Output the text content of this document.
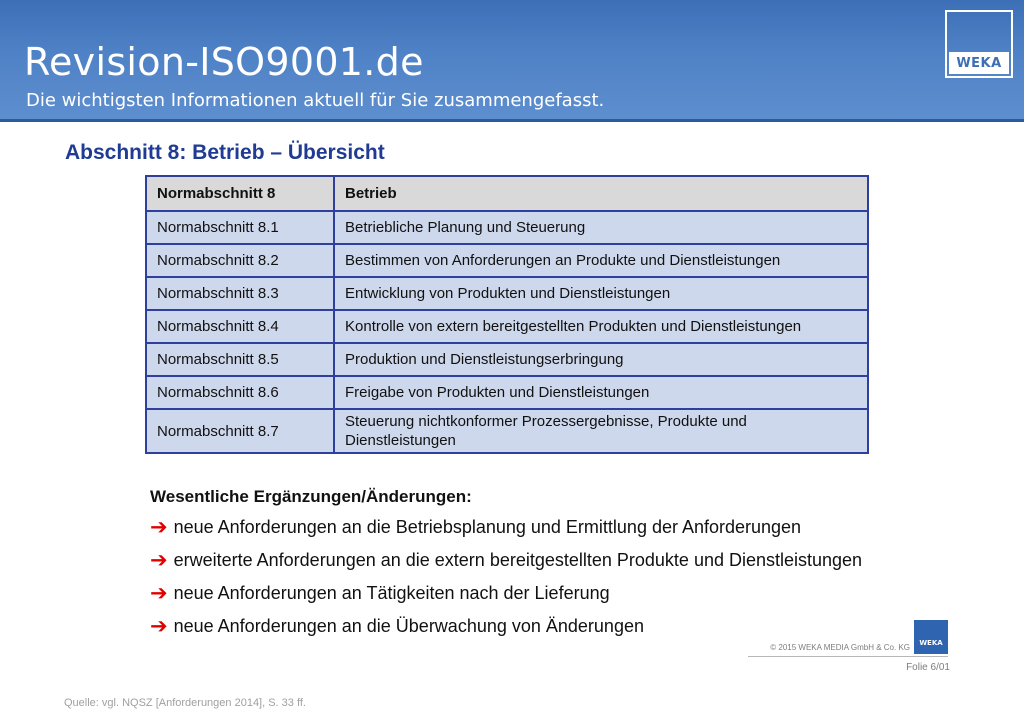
Revision-ISO9001.de
Die wichtigsten Informationen aktuell für Sie zusammengefasst.
WEKA
Abschnitt 8: Betrieb – Übersicht
Normabschnitt 8	Betrieb
Normabschnitt 8.1	Betriebliche Planung und Steuerung
Normabschnitt 8.2	Bestimmen von Anforderungen an Produkte und Dienstleistungen
Normabschnitt 8.3	Entwicklung von Produkten und Dienstleistungen
Normabschnitt 8.4	Kontrolle von extern bereitgestellten Produkten und Dienstleistungen
Normabschnitt 8.5	Produktion und Dienstleistungserbringung
Normabschnitt 8.6	Freigabe von Produkten und Dienstleistungen
Normabschnitt 8.7	Steuerung nichtkonformer Prozessergebnisse, Produkte und Dienstleistungen
Wesentliche Ergänzungen/Änderungen:
➔ neue Anforderungen an die Betriebsplanung und Ermittlung der Anforderungen
➔ erweiterte Anforderungen an die extern bereitgestellten Produkte und Dienstleistungen
➔ neue Anforderungen an Tätigkeiten nach der Lieferung
➔ neue Anforderungen an die Überwachung von Änderungen
© 2015 WEKA MEDIA GmbH & Co. KG WEKA
Folie 6/01
Quelle: vgl. NQSZ [Anforderungen 2014], S. 33 ff.
